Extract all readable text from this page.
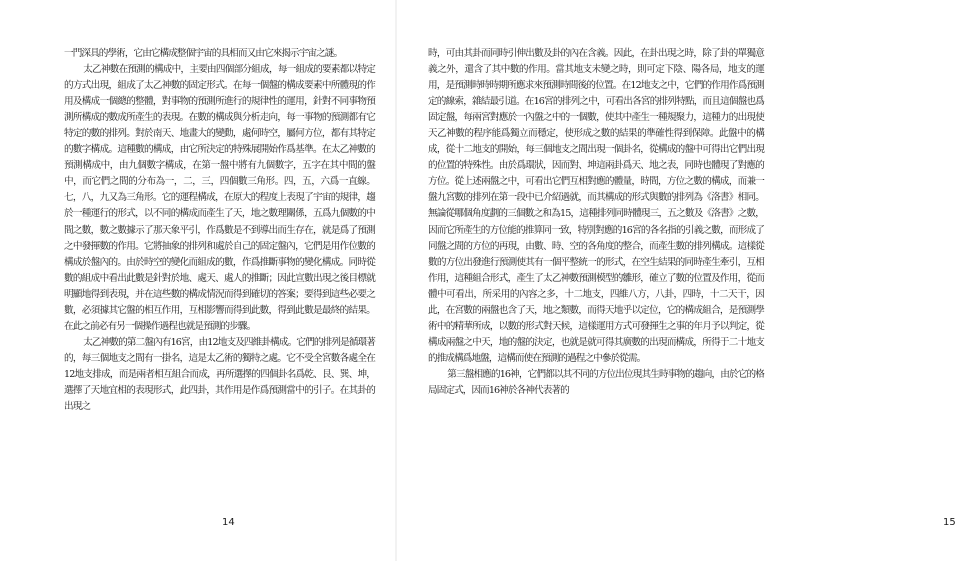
一門深具的學術，它由它構成整個宇宙的具相而又由它來揭示宇宙之謎。

太乙神數在預測的構成中，主要由四個部分組成，每一組成的要素都以特定的方式出現，組成了太乙神數的固定形式。在每一個盤的構成要素中所體現的作用及構成一個總的整體，對事物的預測所進行的規律性的運用，針對不同事物預測所構成的數成所產生的表現。在數的構成與分析走向，每一事物的預測都有它特定的數的排列。對於南天、地畫大的變動，處何時空，屬何方位，都有其特定的數字構成。這種數的構成，由它所決定的特殊展開始作爲基準。在太乙神數的預測構成中，由九個數字構成，在第一盤中將有九個數字，五字在其中間的盤中，而它們之間的分布為一，二，三，四個數三角形。四，五，六爲一直線。七，八，九又為三角形。它的運程構成，在原大的程度上表現了宇宙的規律，趨於一種運行的形式，以不同的構成而產生了天，地之數理關係，五爲九個數的中間之數，數之數據示了那天象平引，作爲數是不到導出而生存在，就是爲了預測之中發揮數的作用。它將抽象的排列和處於自己的固定盤內，它們是用作位數的構成於盤內的。由於時空的變化而組成的數，作爲推斷事物的變化構成。同時從數的組成中看出此數是針對於地、處天、處人的推斷；因此宣數出現之後目標就明顯地得到表現，并在這些數的構成情況而得到確切的答案；要得到這些必要之數，必須據其它盤的相互作用，互相影響而得到此數，得到此數是最終的結果。在此之前必有另一個操作過程也就是預測的步驟。

太乙神數的第二盤內有16宮，由12地支及四維卦構成。它們的排列是循環著的，每三個地支之間有一掛名，這是太乙術的獨特之處。它不受全宮數各處全在12地支排成，而是兩者相互組合而成，再所選擇的四個卦名爲乾、艮、巽、坤，選擇了天地宜相的表現形式，此四卦，其作用是作爲預測當中的引子。在其卦的出現之

14	15

時，可由其卦而同時引伸出數及卦的內在含義。因此，在卦出現之時，除了卦的單獨意義之外，還含了其中數的作用。當其地支未變之時，則可定下陰、陽各局，地支的運用，是預測時時時期所應求來預測時間後的位置。在12地支之中，它們的作用作爲預測定的線索，雜結最引道。在16宮的排列之中，可看出各宮的排列特點，而且這個盤也爲固定盤，每兩宮對應於一內盤之中的一個數，使其中產生一種規聚力，這種力的出現使天乙神數的程序能爲獨立而穩定，使形成之數的結果的準確性得到保障。此盤中的構成，從十二地支的開始，每三個地支之間出現一個卦名，從構成的盤中可得出它們出現的位置的特殊性。由於爲環狀，因而對、坤這兩卦爲天、地之表，同時也體現了對應的方位。從上述兩盤之中，可看出它們互相對應的體量，時間，方位之數的構成，而兼一盤九宮數的排列在第一段中已介紹過就，而其構成的形式與數的排列為《洛書》相同。無論從哪個角度劃的三個數之和為15，這種排列同時體現三，五之數及《洛書》之數，因而它所產生的方位能的推算同一致，特別對應的16宮的各名指的引義之數，而形成了同盤之間的方位的再現，由數、時、空的各角度的整合，而產生數的排列構成。這樣從數的方位出發進行預測使其有一個平整統一的形式，在空生結果的同時產生牽引，互相作用，這種組合形式，產生了太乙神數預測模型的雛形，確立了數的位置及作用，從而體中可看出，所采用的內容之多，十二地支，四維八方，八卦，四時，十二天干，因此，在宮數的兩盤也含了天，地之類數，而得天地乎以定位，它的構成組合，是預測學術中的精華所成，以數的形式對天候，這樣運用方式可發揮生之事的年月予以判定，從構成兩盤之中天，地的盤的決定，也就是就可得其廣數的出現而構成，所得于二十地支的推成構爲地盤，這構而使在預測的過程之中參於從需。

第三盤相應的16神，它們都以其不同的方位出位現其生時事物的趨向，由於它的格局固定式，因而16神於各神代表著的
